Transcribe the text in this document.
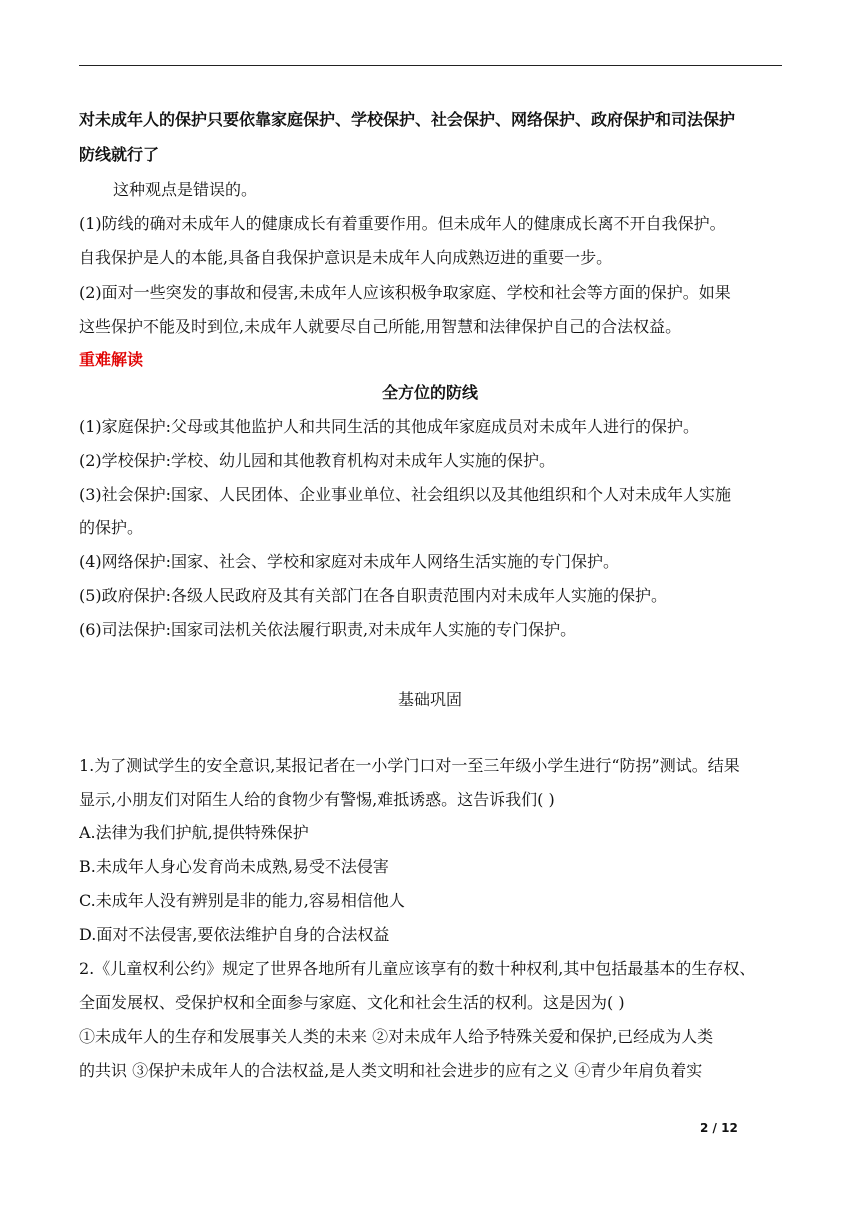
对未成年人的保护只要依靠家庭保护、学校保护、社会保护、网络保护、政府保护和司法保护
防线就行了
这种观点是错误的。
(1)防线的确对未成年人的健康成长有着重要作用。但未成年人的健康成长离不开自我保护。
自我保护是人的本能,具备自我保护意识是未成年人向成熟迈进的重要一步。
(2)面对一些突发的事故和侵害,未成年人应该积极争取家庭、学校和社会等方面的保护。如果
这些保护不能及时到位,未成年人就要尽自己所能,用智慧和法律保护自己的合法权益。
重难解读
全方位的防线
(1)家庭保护:父母或其他监护人和共同生活的其他成年家庭成员对未成年人进行的保护。
(2)学校保护:学校、幼儿园和其他教育机构对未成年人实施的保护。
(3)社会保护:国家、人民团体、企业事业单位、社会组织以及其他组织和个人对未成年人实施
的保护。
(4)网络保护:国家、社会、学校和家庭对未成年人网络生活实施的专门保护。
(5)政府保护:各级人民政府及其有关部门在各自职责范围内对未成年人实施的保护。
(6)司法保护:国家司法机关依法履行职责,对未成年人实施的专门保护。
基础巩固
1.为了测试学生的安全意识,某报记者在一小学门口对一至三年级小学生进行“防拐”测试。结果
显示,小朋友们对陌生人给的食物少有警惕,难抵诱惑。这告诉我们( )
A.法律为我们护航,提供特殊保护
B.未成年人身心发育尚未成熟,易受不法侵害
C.未成年人没有辨别是非的能力,容易相信他人
D.面对不法侵害,要依法维护自身的合法权益
2.《儿童权利公约》规定了世界各地所有儿童应该享有的数十种权利,其中包括最基本的生存权、
全面发展权、受保护权和全面参与家庭、文化和社会生活的权利。这是因为( )
①未成年人的生存和发展事关人类的未来 ②对未成年人给予特殊关爱和保护,已经成为人类
的共识 ③保护未成年人的合法权益,是人类文明和社会进步的应有之义 ④青少年肩负着实
2 / 12
